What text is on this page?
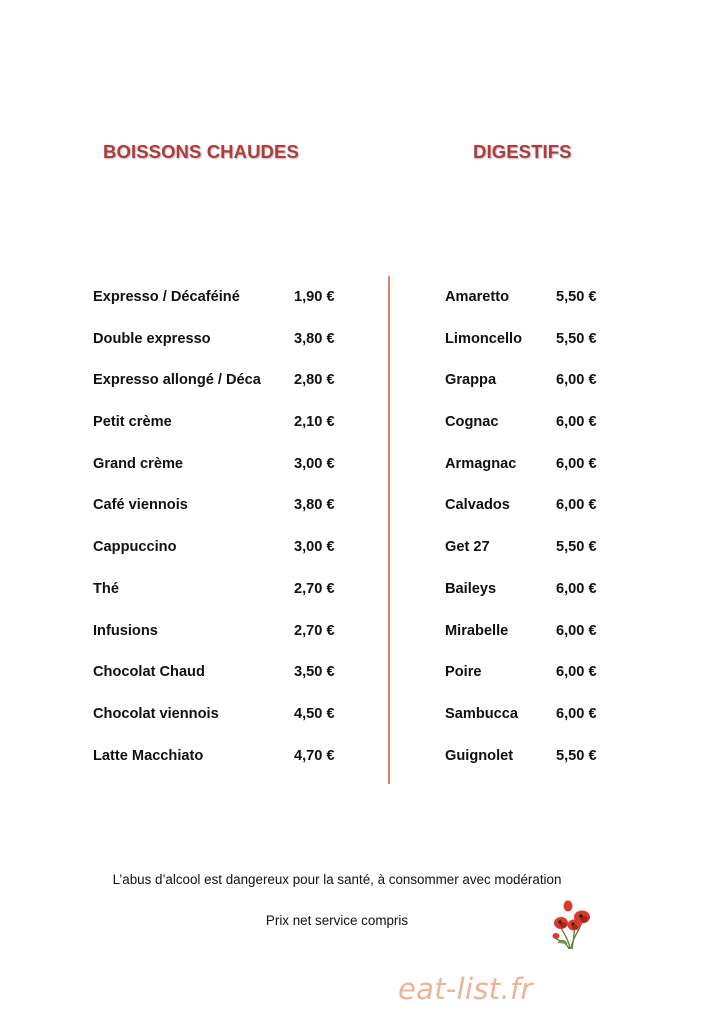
BOISSONS CHAUDES	DIGESTIFS
Expresso / Décaféiné	1,90 €
Double expresso	3,80 €
Expresso allongé / Déca 2,80 €
Petit crème	2,10 €
Grand crème	3,00 €
Café viennois	3,80 €
Cappuccino	3,00 €
Thé	2,70 €
Infusions	2,70 €
Chocolat Chaud	3,50 €
Chocolat viennois	4,50 €
Latte Macchiato	4,70 €
Amaretto	5,50 €
Limoncello 5,50 €
Grappa	6,00 €
Cognac	6,00 €
Armagnac	6,00 €
Calvados	6,00 €
Get 27	5,50 €
Baileys	6,00 €
Mirabelle	6,00 €
Poire	6,00 €
Sambucca	6,00 €
Guignolet	5,50 €

L’abus d’alcool est dangereux pour la santé, à consommer avec modération

Prix net service compris

eat-list.fr
